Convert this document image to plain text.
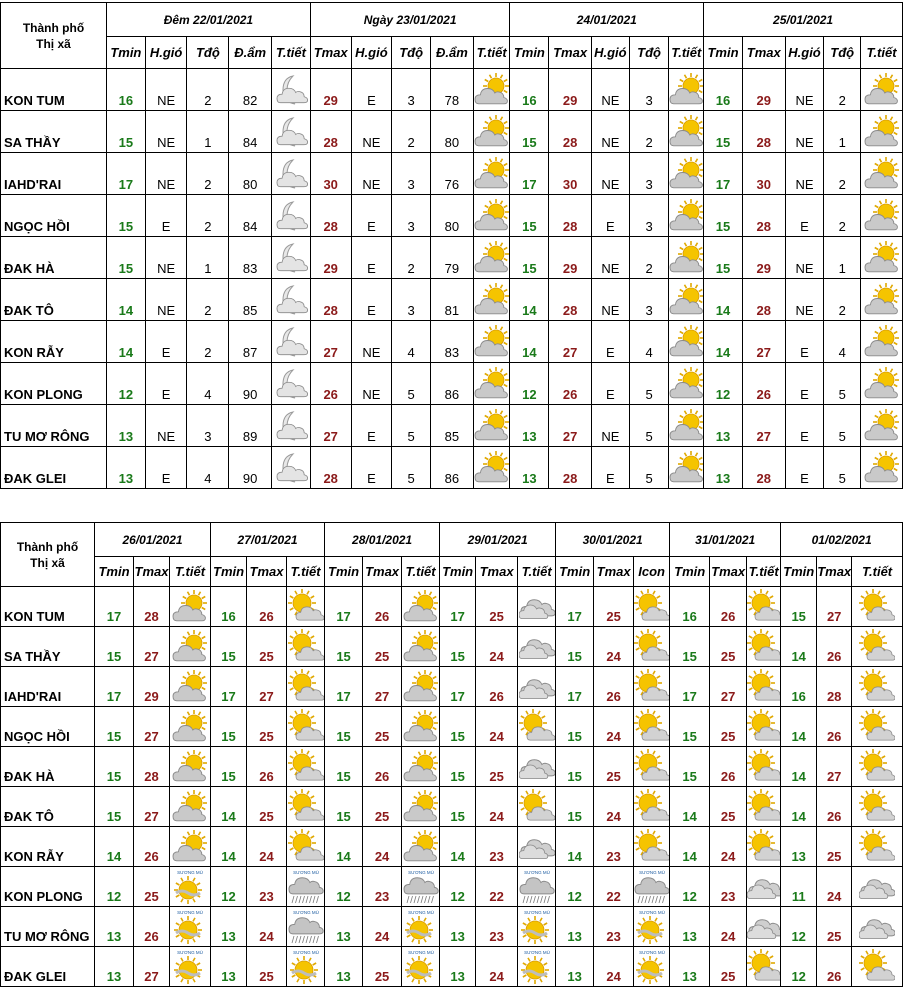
Thành phố
Thị xã	Đêm 22/01/2021					Ngày 23/01/2021					24/01/2021					25/01/2021				
	Tmin	H.gió	Tđộ	Đ.ẩm	T.tiết	Tmax	H.gió	Tđộ	Đ.ẩm	T.tiết	Tmin	Tmax	H.gió	Tđộ	T.tiết	Tmin	Tmax	H.gió	Tđộ	T.tiết
KON TUM	16	NE	2	82		29	E	3	78		16	29	NE	3		16	29	NE	2	

SA THẦY	15	NE	1	84		28	NE	2	80		15	28	NE	2		15	28	NE	1	

IAHD'RAI	17	NE	2	80		30	NE	3	76		17	30	NE	3		17	30	NE	2	

NGỌC HỒI	15	E	2	84		28	E	3	80		15	28	E	3		15	28	E	2	

ĐAK HÀ	15	NE	1	83		29	E	2	79		15	29	NE	2		15	29	NE	1	

ĐAK TÔ	14	NE	2	85		28	E	3	81		14	28	NE	3		14	28	NE	2	

KON RẪY	14	E	2	87		27	NE	4	83		14	27	E	4		14	27	E	4	

KON PLONG	12	E	4	90		26	NE	5	86		12	26	E	5		12	26	E	5	

TU MƠ RÔNG	13	NE	3	89		27	E	5	85		13	27	NE	5		13	27	E	5	

ĐAK GLEI	13	E	4	90		28	E	5	86		13	28	E	5		13	28	E	5	
Thành phố
Thị xã	26/01/2021			27/01/2021			28/01/2021			29/01/2021			30/01/2021			31/01/2021			01/02/2021		
	Tmin	Tmax	T.tiết	Tmin	Tmax	T.tiết	Tmin	Tmax	T.tiết	Tmin	Tmax	T.tiết	Tmin	Tmax	Icon	Tmin	Tmax	T.tiết	Tmin	Tmax	T.tiết
KON TUM	17	28		16	26		17	26		17	25		17	25		16	26		15	27	

SA THẦY	15	27		15	25		15	25		15	24		15	24		15	25		14	26	

IAHD'RAI	17	29		17	27		17	27		17	26		17	26		17	27		16	28	

NGỌC HỒI	15	27		15	25		15	25		15	24		15	24		15	25		14	26	

ĐAK HÀ	15	28		15	26		15	26		15	25		15	25		15	26		14	27	

ĐAK TÔ	15	27		14	25		15	25		15	24		15	24		14	25		14	26	

KON RẪY	14	26		14	24		14	24		14	23		14	23		14	24		13	25	

KON PLONG	12	25	SƯƠNG MÙ	12	23	SƯƠNG MÙ	12	23	SƯƠNG MÙ	12	22	SƯƠNG MÙ	12	22	SƯƠNG MÙ	12	23		11	24	

TU MƠ RÔNG	13	26	SƯƠNG MÙ	13	24	SƯƠNG MÙ	13	24	SƯƠNG MÙ	13	23	SƯƠNG MÙ	13	23	SƯƠNG MÙ	13	24		12	25	

ĐAK GLEI	13	27	SƯƠNG MÙ	13	25	SƯƠNG MÙ	13	25	SƯƠNG MÙ	13	24	SƯƠNG MÙ	13	24	SƯƠNG MÙ	13	25		12	26	
